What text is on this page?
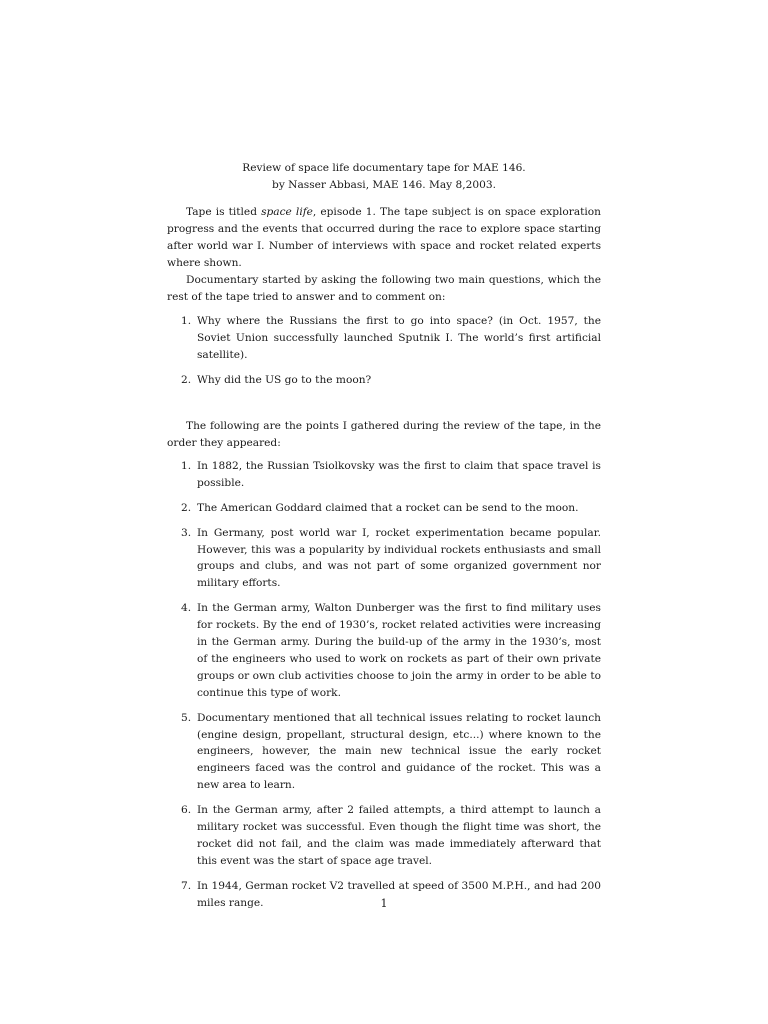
Review of space life documentary tape for MAE 146.
by Nasser Abbasi, MAE 146. May 8,2003.

Tape is titled space life, episode 1. The tape subject is on space exploration progress and the events that occurred during the race to explore space starting after world war I. Number of interviews with space and rocket related experts where shown.

Documentary started by asking the following two main questions, which the rest of the tape tried to answer and to comment on:

1. Why where the Russians the first to go into space? (in Oct. 1957, the Soviet Union successfully launched Sputnik I. The world’s first artificial satellite).
2. Why did the US go to the moon?

The following are the points I gathered during the review of the tape, in the order they appeared:

1. In 1882, the Russian Tsiolkovsky was the first to claim that space travel is possible.
2. The American Goddard claimed that a rocket can be send to the moon.
3. In Germany, post world war I, rocket experimentation became popular. However, this was a popularity by individual rockets enthusiasts and small groups and clubs, and was not part of some organized government nor military efforts.
4. In the German army, Walton Dunberger was the first to find military uses for rockets. By the end of 1930’s, rocket related activities were increasing in the German army. During the build-up of the army in the 1930’s, most of the engineers who used to work on rockets as part of their own private groups or own club activities choose to join the army in order to be able to continue this type of work.
5. Documentary mentioned that all technical issues relating to rocket launch (engine design, propellant, structural design, etc...) where known to the engineers, however, the main new technical issue the early rocket engineers faced was the control and guidance of the rocket. This was a new area to learn.
6. In the German army, after 2 failed attempts, a third attempt to launch a military rocket was successful. Even though the flight time was short, the rocket did not fail, and the claim was made immediately afterward that this event was the start of space age travel.
7. In 1944, German rocket V2 travelled at speed of 3500 M.P.H., and had 200 miles range.	1
